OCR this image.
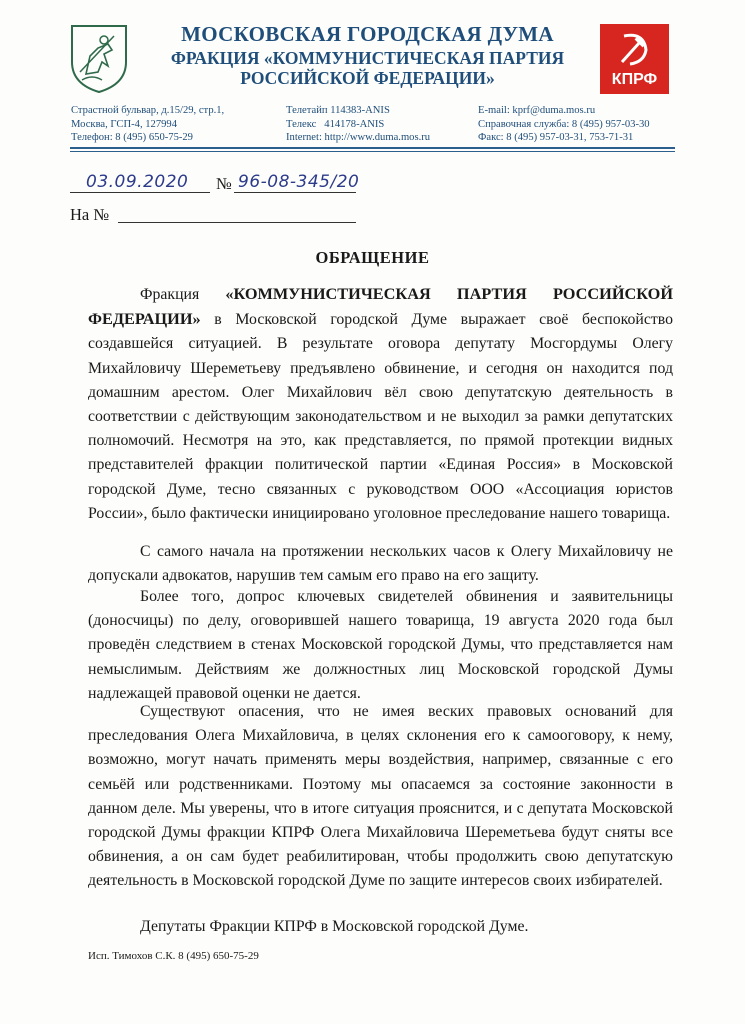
МОСКОВСКАЯ ГОРОДСКАЯ ДУМА
ФРАКЦИЯ «КОММУНИСТИЧЕСКАЯ ПАРТИЯ
РОССИЙСКОЙ ФЕДЕРАЦИИ»	КПРФ
Страстной бульвар, д.15/29, стр.1,
Москва, ГСП-4, 127994
Телефон: 8 (495) 650-75-29
Телетайп 114383-ANIS
Телекс   414178-ANIS
Internet: http://www.duma.mos.ru
E-mail: kprf@duma.mos.ru
Справочная служба: 8 (495) 957-03-30
Факс: 8 (495) 957-03-31, 753-71-31
03.09.2020 № 96-08-345/20
На №
ОБРАЩЕНИЕ
Фракция «КОММУНИСТИЧЕСКАЯ ПАРТИЯ РОССИЙСКОЙ ФЕДЕРАЦИИ» в Московской городской Думе выражает своё беспокойство создавшейся ситуацией. В результате оговора депутату Мосгордумы Олегу Михайловичу Шереметьеву предъявлено обвинение, и сегодня он находится под домашним арестом. Олег Михайлович вёл свою депутатскую деятельность в соответствии с действующим законодательством и не выходил за рамки депутатских полномочий. Несмотря на это, как представляется, по прямой протекции видных представителей фракции политической партии «Единая Россия» в Московской городской Думе, тесно связанных с руководством ООО «Ассоциация юристов России», было фактически инициировано уголовное преследование нашего товарища.
С самого начала на протяжении нескольких часов к Олегу Михайловичу не допускали адвокатов, нарушив тем самым его право на его защиту.
Более того, допрос ключевых свидетелей обвинения и заявительницы (доносчицы) по делу, оговорившей нашего товарища, 19 августа 2020 года был проведён следствием в стенах Московской городской Думы, что представляется нам немыслимым. Действиям же должностных лиц Московской городской Думы надлежащей правовой оценки не дается.
Существуют опасения, что не имея веских правовых оснований для преследования Олега Михайловича, в целях склонения его к самооговору, к нему, возможно, могут начать применять меры воздействия, например, связанные с его семьёй или родственниками. Поэтому мы опасаемся за состояние законности в данном деле. Мы уверены, что в итоге ситуация прояснится, и с депутата Московской городской Думы фракции КПРФ Олега Михайловича Шереметьева будут сняты все обвинения, а он сам будет реабилитирован, чтобы продолжить свою депутатскую деятельность в Московской городской Думе по защите интересов своих избирателей.
Депутаты Фракции КПРФ в Московской городской Думе.
Исп. Тимохов С.К. 8 (495) 650-75-29
